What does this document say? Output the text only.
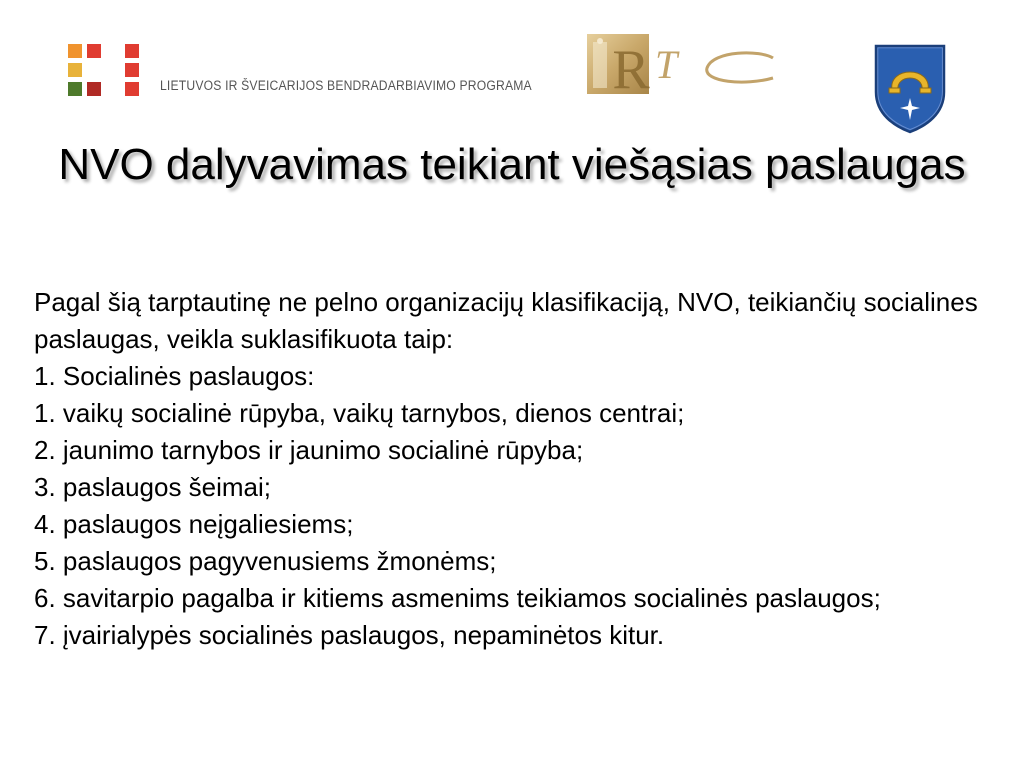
LIETUVOS IR ŠVEICARIJOS BENDRADARBIAVIMO PROGRAMA R T
NVO dalyvavimas teikiant viešąsias paslaugas

Pagal šią tarptautinę ne pelno organizacijų klasifikaciją, NVO, teikiančių socialines paslaugas, veikla suklasifikuota taip:

1. Socialinės paslaugos:

1. vaikų socialinė rūpyba, vaikų tarnybos, dienos centrai;

2. jaunimo tarnybos ir jaunimo socialinė rūpyba;

3. paslaugos šeimai;

4. paslaugos neįgaliesiems;

5. paslaugos pagyvenusiems žmonėms;

6. savitarpio pagalba ir kitiems asmenims teikiamos socialinės paslaugos;

7. įvairialypės socialinės paslaugos, nepaminėtos kitur.
